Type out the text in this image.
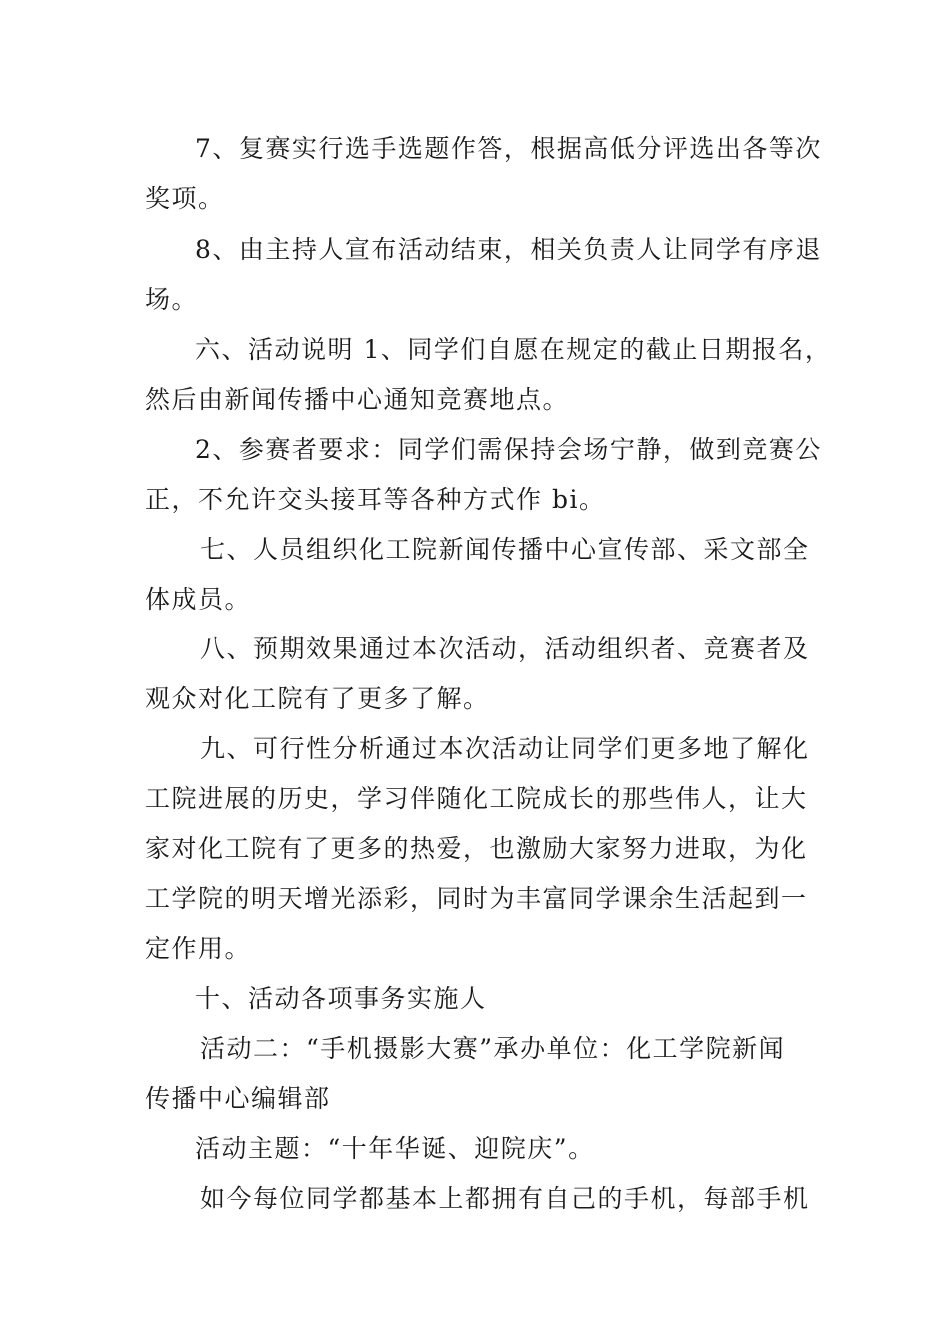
7、复赛实行选手选题作答，根据高低分评选出各等次
奖项。
8、由主持人宣布活动结束，相关负责人让同学有序退
场。
六、活动说明 1、同学们自愿在规定的截止日期报名，
然后由新闻传播中心通知竞赛地点。
2、参赛者要求：同学们需保持会场宁静，做到竞赛公
正，不允许交头接耳等各种方式作 bi。
七、人员组织化工院新闻传播中心宣传部、采文部全
体成员。
八、预期效果通过本次活动，活动组织者、竞赛者及
观众对化工院有了更多了解。
九、可行性分析通过本次活动让同学们更多地了解化
工院进展的历史，学习伴随化工院成长的那些伟人，让大
家对化工院有了更多的热爱，也激励大家努力进取，为化
工学院的明天增光添彩，同时为丰富同学课余生活起到一
定作用。
十、活动各项事务实施人
活动二：“手机摄影大赛”承办单位：化工学院新闻
传播中心编辑部
活动主题：“十年华诞、迎院庆”。
如今每位同学都基本上都拥有自己的手机，每部手机
